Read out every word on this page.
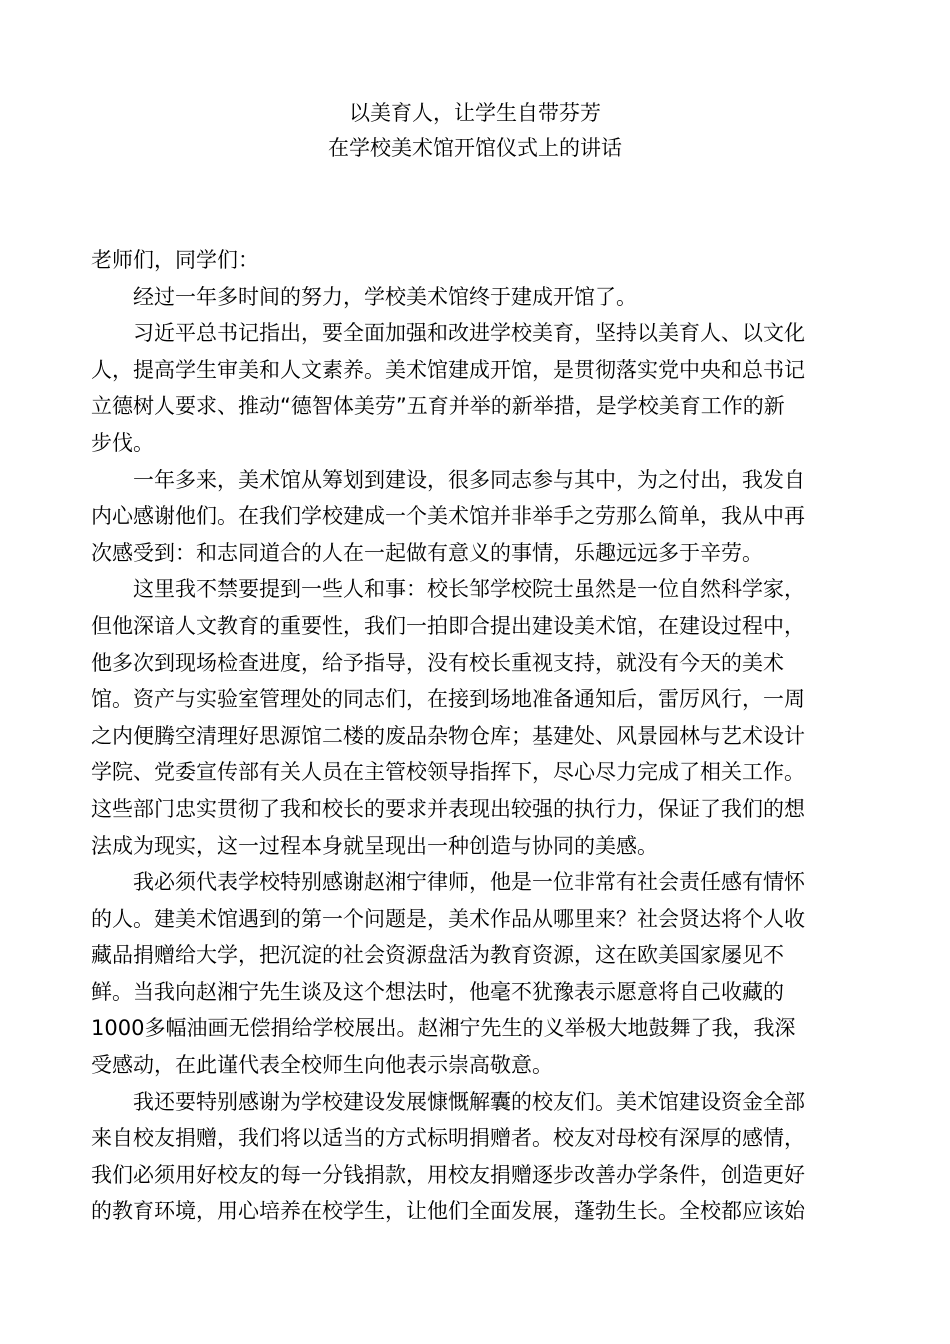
以美育人，让学生自带芬芳
在学校美术馆开馆仪式上的讲话

老师们，同学们：

经过一年多时间的努力，学校美术馆终于建成开馆了。

习近平总书记指出，要全面加强和改进学校美育，坚持以美育人、以文化
人，提高学生审美和人文素养。美术馆建成开馆，是贯彻落实党中央和总书记
立德树人要求、推动“德智体美劳”五育并举的新举措，是学校美育工作的新
步伐。

一年多来，美术馆从筹划到建设，很多同志参与其中，为之付出，我发自
内心感谢他们。在我们学校建成一个美术馆并非举手之劳那么简单，我从中再
次感受到：和志同道合的人在一起做有意义的事情，乐趣远远多于辛劳。

这里我不禁要提到一些人和事：校长邹学校院士虽然是一位自然科学家，
但他深谙人文教育的重要性，我们一拍即合提出建设美术馆，在建设过程中，
他多次到现场检查进度，给予指导，没有校长重视支持，就没有今天的美术
馆。资产与实验室管理处的同志们，在接到场地准备通知后，雷厉风行，一周
之内便腾空清理好思源馆二楼的废品杂物仓库；基建处、风景园林与艺术设计
学院、党委宣传部有关人员在主管校领导指挥下，尽心尽力完成了相关工作。
这些部门忠实贯彻了我和校长的要求并表现出较强的执行力，保证了我们的想
法成为现实，这一过程本身就呈现出一种创造与协同的美感。

我必须代表学校特别感谢赵湘宁律师，他是一位非常有社会责任感有情怀
的人。建美术馆遇到的第一个问题是，美术作品从哪里来？社会贤达将个人收
藏品捐赠给大学，把沉淀的社会资源盘活为教育资源，这在欧美国家屡见不
鲜。当我向赵湘宁先生谈及这个想法时，他毫不犹豫表示愿意将自己收藏的
1000多幅油画无偿捐给学校展出。赵湘宁先生的义举极大地鼓舞了我，我深
受感动，在此谨代表全校师生向他表示崇高敬意。

我还要特别感谢为学校建设发展慷慨解囊的校友们。美术馆建设资金全部
来自校友捐赠，我们将以适当的方式标明捐赠者。校友对母校有深厚的感情，
我们必须用好校友的每一分钱捐款，用校友捐赠逐步改善办学条件，创造更好
的教育环境，用心培养在校学生，让他们全面发展，蓬勃生长。全校都应该始
